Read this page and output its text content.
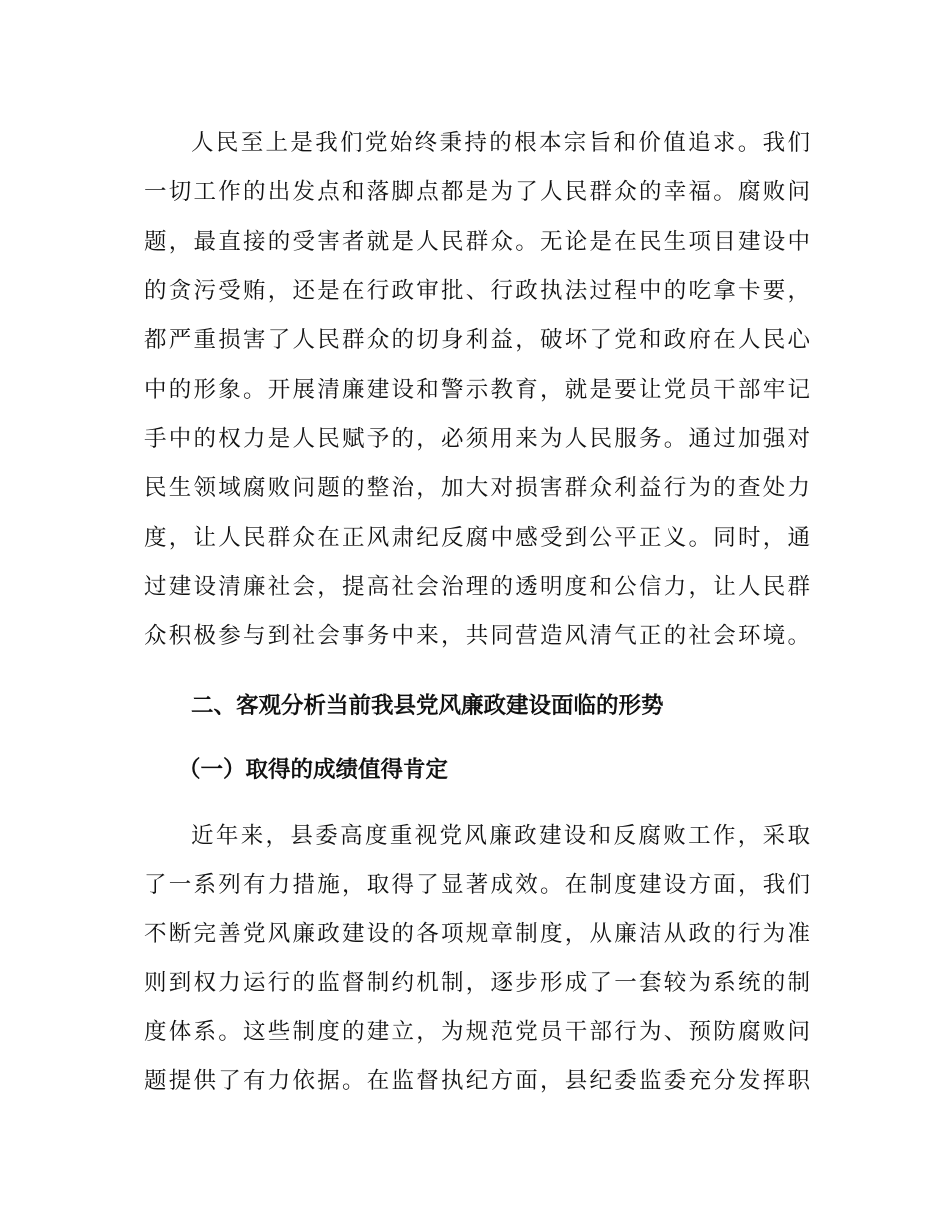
人民至上是我们党始终秉持的根本宗旨和价值追求。我们
一切工作的出发点和落脚点都是为了人民群众的幸福。腐败问
题，最直接的受害者就是人民群众。无论是在民生项目建设中
的贪污受贿，还是在行政审批、行政执法过程中的吃拿卡要，
都严重损害了人民群众的切身利益，破坏了党和政府在人民心
中的形象。开展清廉建设和警示教育，就是要让党员干部牢记
手中的权力是人民赋予的，必须用来为人民服务。通过加强对
民生领域腐败问题的整治，加大对损害群众利益行为的查处力
度，让人民群众在正风肃纪反腐中感受到公平正义。同时，通
过建设清廉社会，提高社会治理的透明度和公信力，让人民群
众积极参与到社会事务中来，共同营造风清气正的社会环境。
二、客观分析当前我县党风廉政建设面临的形势
（一）取得的成绩值得肯定
近年来，县委高度重视党风廉政建设和反腐败工作，采取
了一系列有力措施，取得了显著成效。在制度建设方面，我们
不断完善党风廉政建设的各项规章制度，从廉洁从政的行为准
则到权力运行的监督制约机制，逐步形成了一套较为系统的制
度体系。这些制度的建立，为规范党员干部行为、预防腐败问
题提供了有力依据。在监督执纪方面，县纪委监委充分发挥职
